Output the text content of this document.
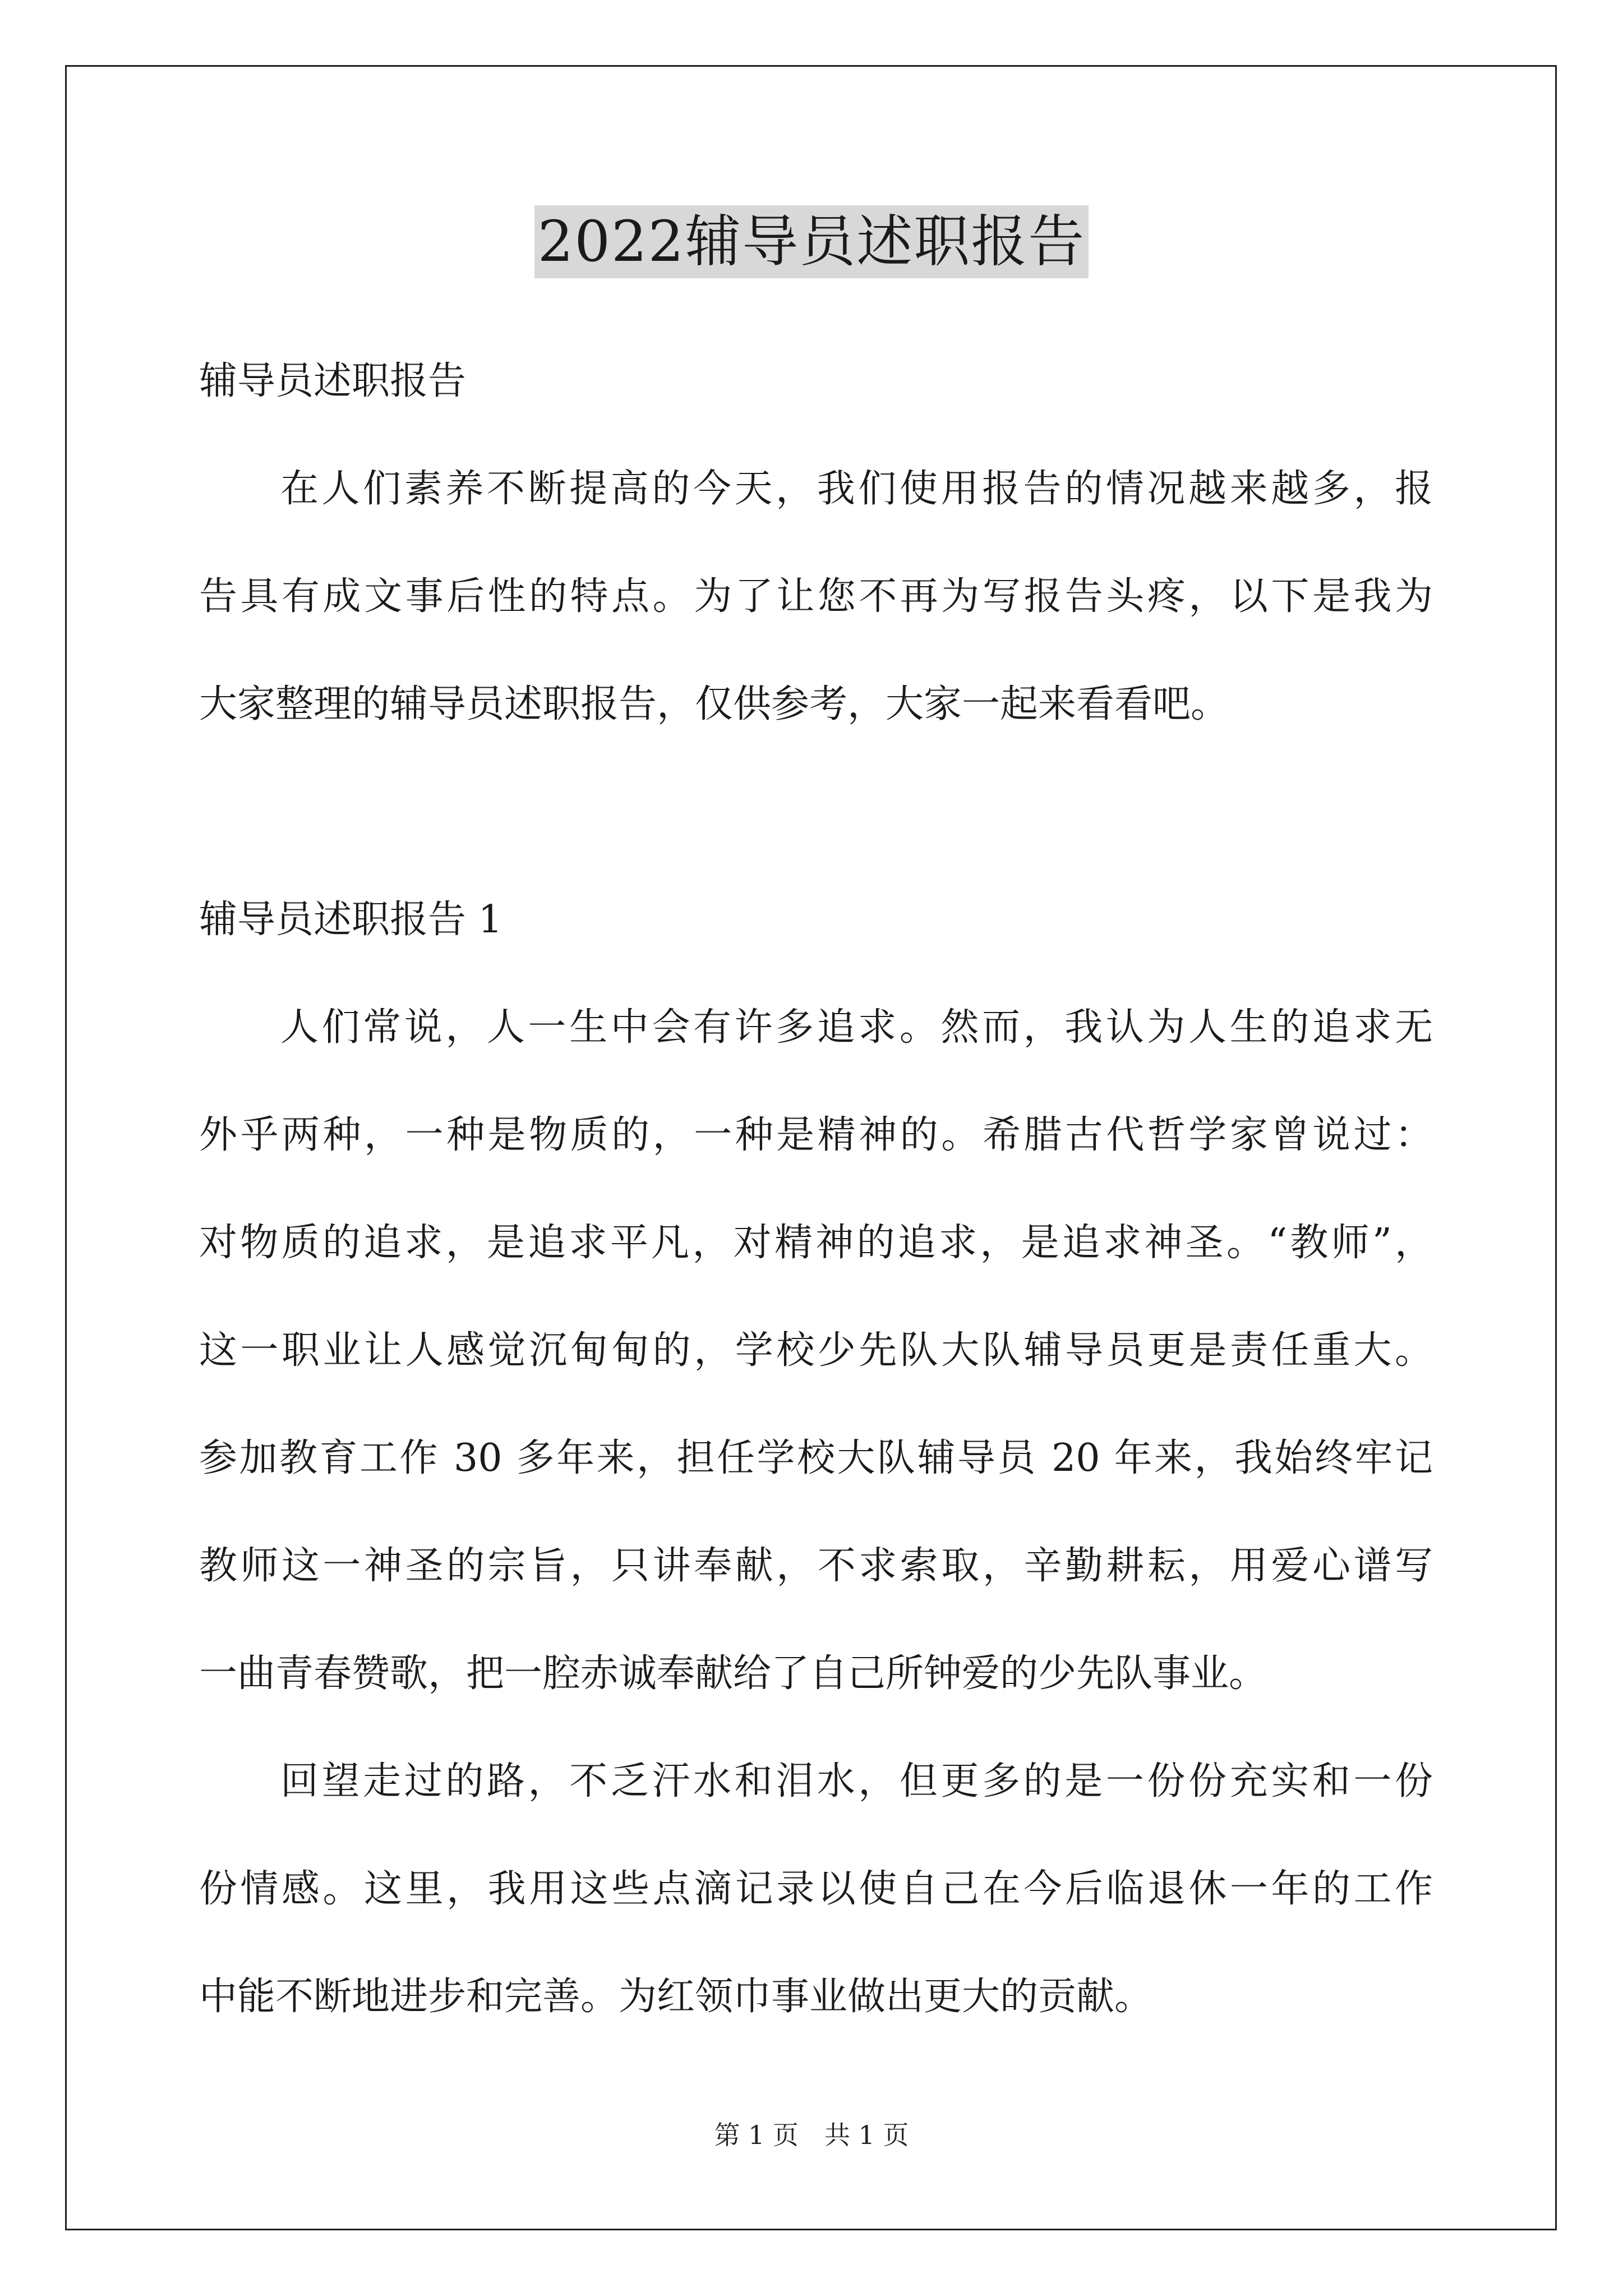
2022辅导员述职报告
辅导员述职报告
在人们素养不断提高的今天，我们使用报告的情况越来越多，报
告具有成文事后性的特点。为了让您不再为写报告头疼，以下是我为
大家整理的辅导员述职报告，仅供参考，大家一起来看看吧。
辅导员述职报告 1
人们常说，人一生中会有许多追求。然而，我认为人生的追求无
外乎两种，一种是物质的，一种是精神的。希腊古代哲学家曾说过：
对物质的追求，是追求平凡，对精神的追求，是追求神圣。“教师”，
这一职业让人感觉沉甸甸的，学校少先队大队辅导员更是责任重大。
参加教育工作 30 多年来，担任学校大队辅导员 20 年来，我始终牢记
教师这一神圣的宗旨，只讲奉献，不求索取，辛勤耕耘，用爱心谱写
一曲青春赞歌，把一腔赤诚奉献给了自己所钟爱的少先队事业。
回望走过的路，不乏汗水和泪水，但更多的是一份份充实和一份
份情感。这里，我用这些点滴记录以使自己在今后临退休一年的工作
中能不断地进步和完善。为红领巾事业做出更大的贡献。
第 1 页　共 1 页
